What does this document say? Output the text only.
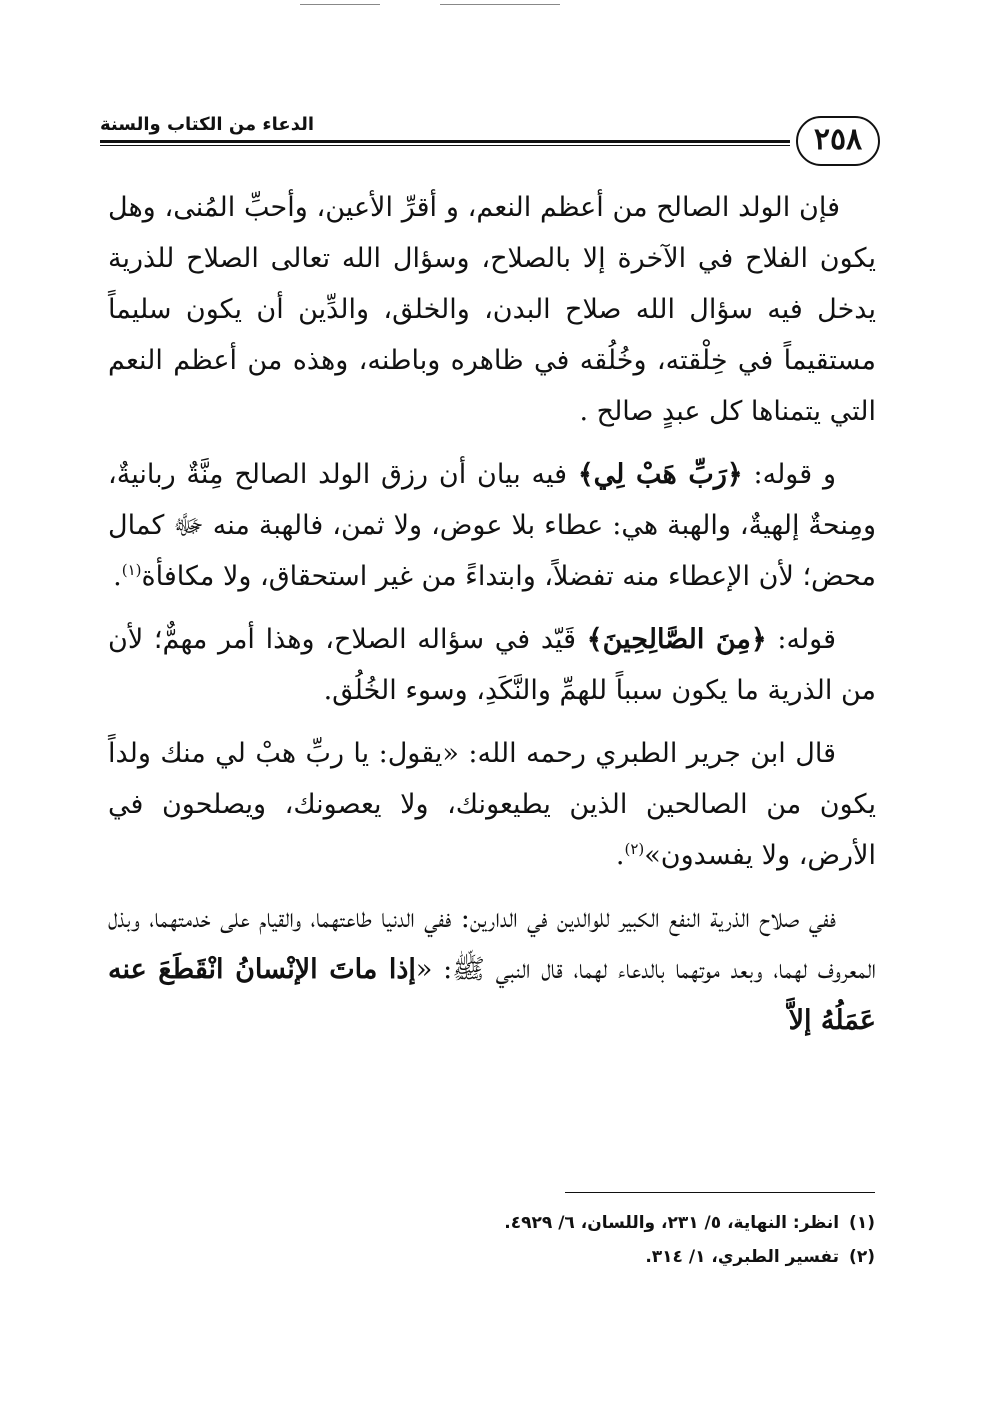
الدعاء من الكتاب والسنة	٢٥٨

فإن الولد الصالح من أعظم النعم، و أقرِّ الأعين، وأحبِّ المُنى، وهل يكون الفلاح في الآخرة إلا بالصلاح، وسؤال الله تعالى الصلاح للذرية يدخل فيه سؤال الله صلاح البدن، والخلق، والدِّين أن يكون سليماً مستقيماً في خِلْقته، وخُلُقه في ظاهره وباطنه، وهذه من أعظم النعم التي يتمناها كل عبدٍ صالح .

و قوله: ﴿رَبِّ هَبْ لِي﴾ فيه بيان أن رزق الولد الصالح مِنَّةٌ ربانيةٌ، ومِنحةٌ إلهيةٌ، والهبة هي: عطاء بلا عوض، ولا ثمن، فالهبة منه ﷻ كمال محض؛ لأن الإعطاء منه تفضلاً، وابتداءً من غير استحقاق، ولا مكافأة$^{(١)}$.

قوله: ﴿مِنَ الصَّالِحِينَ﴾ قَيّد في سؤاله الصلاح، وهذا أمر مهمٌّ؛ لأن من الذرية ما يكون سبباً للهمِّ والنَّكَدِ، وسوء الخُلُق.

قال ابن جرير الطبري رحمه الله: «يقول: يا ربِّ هبْ لي منك ولداً يكون من الصالحين الذين يطيعونك، ولا يعصونك، ويصلحون في الأرض، ولا يفسدون»$^{(٢)}$.

ففي صلاح الذرية النفع الكبير للوالدين في الدارين: ففي الدنيا طاعتهما، والقيام على خدمتهما، وبذل المعروف لهما، وبعد موتهما بالدعاء لهما، قال النبي ﷺ: «إذا ماتَ الإنْسانُ انْقَطَعَ عنه عَمَلُهُ إلاَّ

(١)انظر: النهاية، ٥/ ٢٣١، واللسان، ٦/ ٤٩٢٩.
(٢)تفسير الطبري، ١/ ٣١٤.
